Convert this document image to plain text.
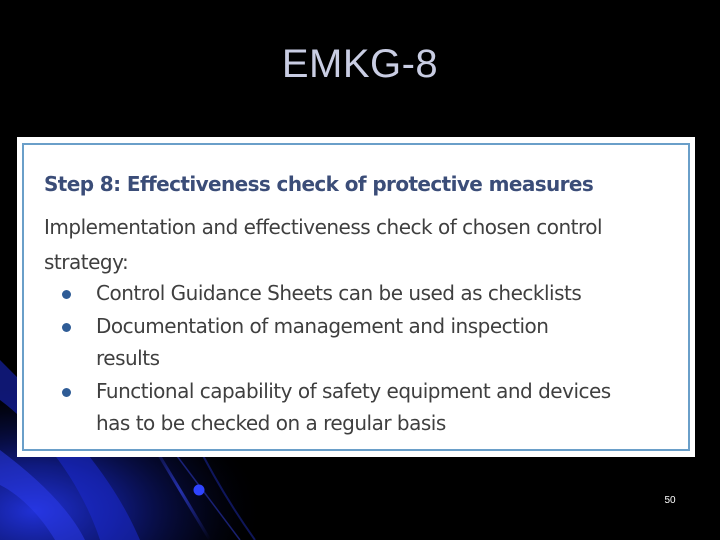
EMKG-8
Step 8: Effectiveness check of protective measures

Implementation and effectiveness check of chosen control strategy:

Control Guidance Sheets can be used as checklists
Documentation of management and inspection results
Functional capability of safety equipment and devices has to be checked on a regular basis
50
